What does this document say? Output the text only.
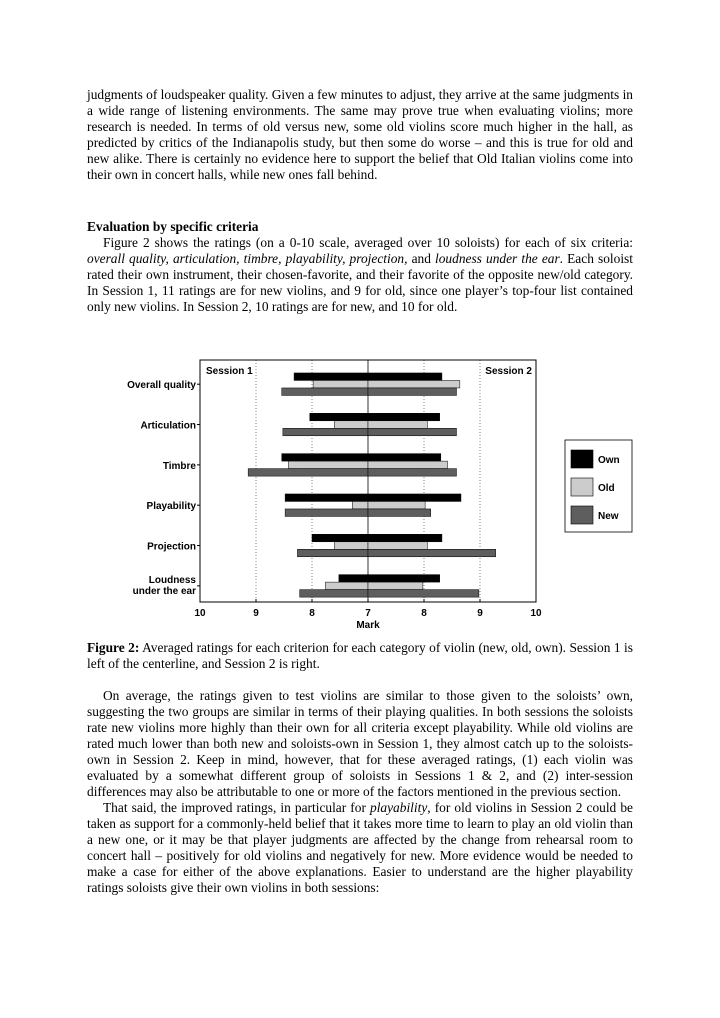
judgments of loudspeaker quality. Given a few minutes to adjust, they arrive at the same judgments in a wide range of listening environments. The same may prove true when evaluating violins; more research is needed. In terms of old versus new, some old violins score much higher in the hall, as predicted by critics of the Indianapolis study, but then some do worse – and this is true for old and new alike. There is certainly no evidence here to support the belief that Old Italian violins come into their own in concert halls, while new ones fall behind.

Evaluation by specific criteria

Figure 2 shows the ratings (on a 0-10 scale, averaged over 10 soloists) for each of six criteria: overall quality, articulation, timbre, playability, projection, and loudness under the ear. Each soloist rated their own instrument, their chosen-favorite, and their favorite of the opposite new/old category. In Session 1, 11 ratings are for new violins, and 9 for old, since one player’s top-four list contained only new violins. In Session 2, 10 ratings are for new, and 10 for old.

Session 1	Session 2
Overall quality
Articulation
Timbre
Playability
Projection
Loudness
under the ear
10	9	8	7	8	9	10
Mark
Own
Old
New

Figure 2: Averaged ratings for each criterion for each category of violin (new, old, own). Session 1 is left of the centerline, and Session 2 is right.

On average, the ratings given to test violins are similar to those given to the soloists’ own, suggesting the two groups are similar in terms of their playing qualities. In both sessions the soloists rate new violins more highly than their own for all criteria except playability. While old violins are rated much lower than both new and soloists-own in Session 1, they almost catch up to the soloists-own in Session 2. Keep in mind, however, that for these averaged ratings, (1) each violin was evaluated by a somewhat different group of soloists in Sessions 1 & 2, and (2) inter-session differences may also be attributable to one or more of the factors mentioned in the previous section.

That said, the improved ratings, in particular for playability, for old violins in Session 2 could be taken as support for a commonly-held belief that it takes more time to learn to play an old violin than a new one, or it may be that player judgments are affected by the change from rehearsal room to concert hall – positively for old violins and negatively for new. More evidence would be needed to make a case for either of the above explanations. Easier to understand are the higher playability ratings soloists give their own violins in both sessions:
